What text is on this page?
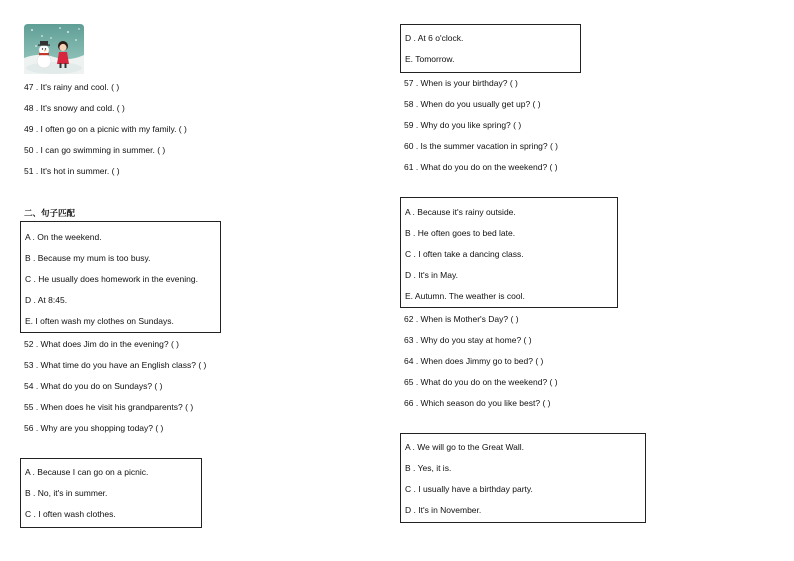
47 . It's rainy and cool. ( )
48 . It's snowy and cold. ( )
49 . I often go on a picnic with my family. ( )
50 . I can go swimming in summer. ( )
51 . It's hot in summer. ( )
二、句子匹配
A . On the weekend.
B . Because my mum is too busy.
C . He usually does homework in the evening.
D . At 8:45.
E. I often wash my clothes on Sundays.
52 . What does Jim do in the evening? ( )
53 . What time do you have an English class? ( )
54 . What do you do on Sundays? ( )
55 . When does he visit his grandparents? ( )
56 . Why are you shopping today? ( )
A . Because I can go on a picnic.
B . No, it's in summer.
C . I often wash clothes.
D . At 6 o'clock.
E. Tomorrow.
57 . When is your birthday? ( )
58 . When do you usually get up? ( )
59 . Why do you like spring? ( )
60 . Is the summer vacation in spring? ( )
61 . What do you do on the weekend? ( )
A . Because it's rainy outside.
B . He often goes to bed late.
C . I often take a dancing class.
D . It's in May.
E. Autumn. The weather is cool.
62 . When is Mother's Day? ( )
63 . Why do you stay at home? ( )
64 . When does Jimmy go to bed? ( )
65 . What do you do on the weekend? ( )
66 . Which season do you like best? ( )
A . We will go to the Great Wall.
B . Yes, it is.
C . I usually have a birthday party.
D . It's in November.
